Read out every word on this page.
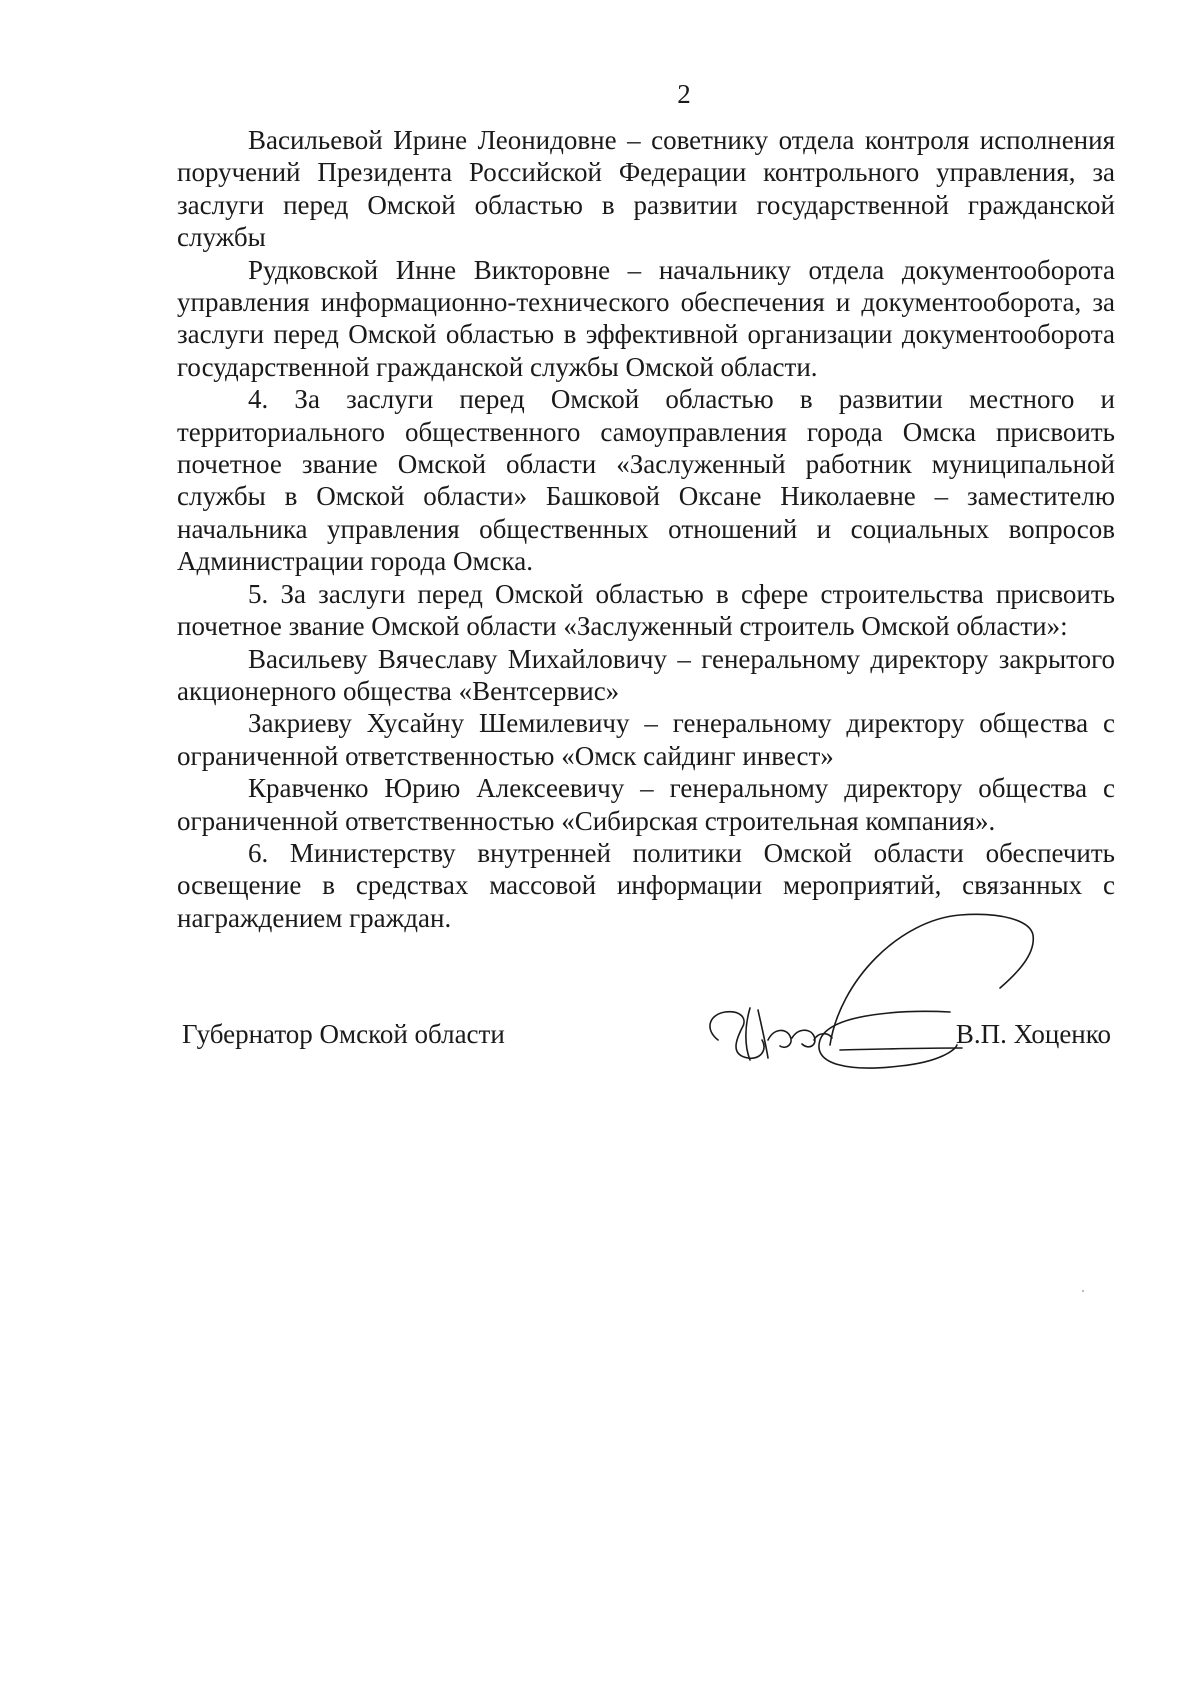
2

Васильевой Ирине Леонидовне – советнику отдела контроля исполнения поручений Президента Российской Федерации контрольного управления, за заслуги перед Омской областью в развитии государственной гражданской службы

Рудковской Инне Викторовне – начальнику отдела документооборота управления информационно-технического обеспечения и документооборота, за заслуги перед Омской областью в эффективной организации документооборота государственной гражданской службы Омской области.

4. За заслуги перед Омской областью в развитии местного и территориального общественного самоуправления города Омска присвоить почетное звание Омской области «Заслуженный работник муниципальной службы в Омской области» Башковой Оксане Николаевне – заместителю начальника управления общественных отношений и социальных вопросов Администрации города Омска.

5. За заслуги перед Омской областью в сфере строительства присвоить почетное звание Омской области «Заслуженный строитель Омской области»:

Васильеву Вячеславу Михайловичу – генеральному директору закрытого акционерного общества «Вентсервис»

Закриеву Хусайну Шемилевичу – генеральному директору общества с ограниченной ответственностью «Омск сайдинг инвест»

Кравченко Юрию Алексеевичу – генеральному директору общества с ограниченной ответственностью «Сибирская строительная компания».

6. Министерству внутренней политики Омской области обеспечить освещение в средствах массовой информации мероприятий, связанных с награждением граждан.

Губернатор Омской области	В.П. Хоценко
